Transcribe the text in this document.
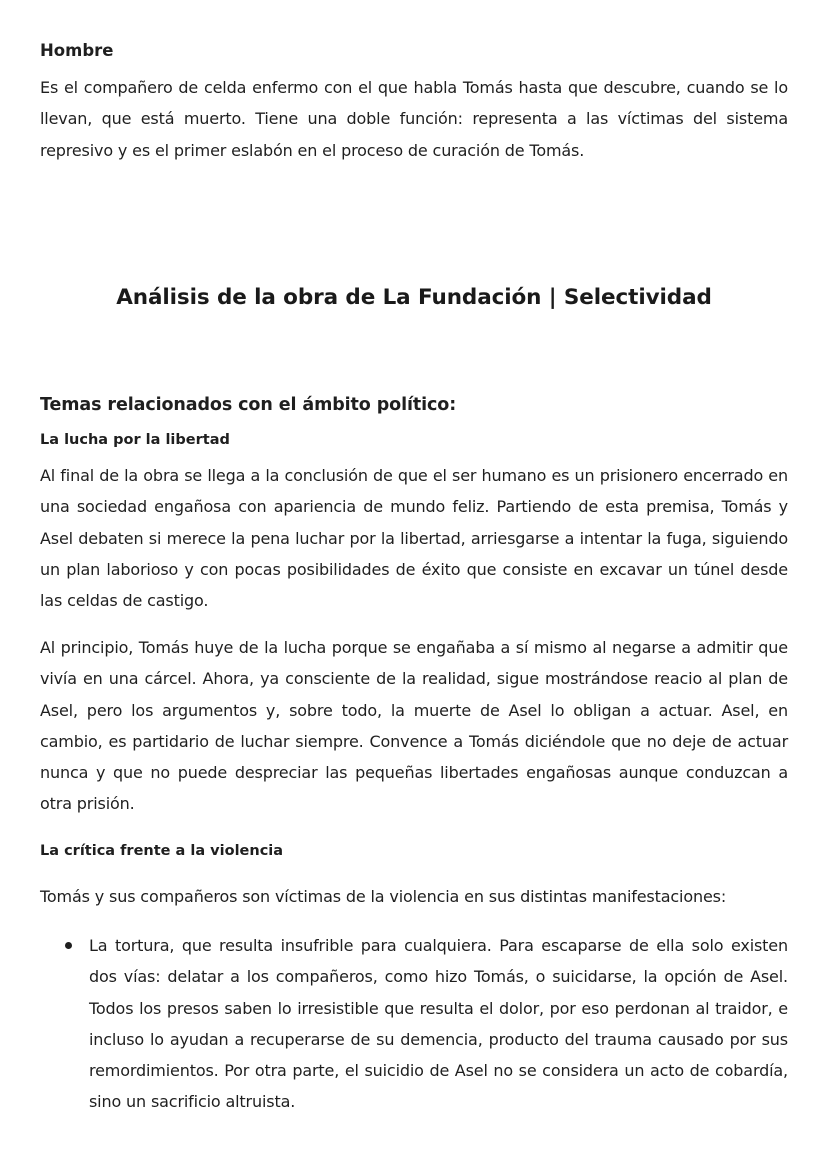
Hombre

Es el compañero de celda enfermo con el que habla Tomás hasta que descubre, cuando se lo llevan, que está muerto. Tiene una doble función: representa a las víctimas del sistema represivo y es el primer eslabón en el proceso de curación de Tomás.

Análisis de la obra de La Fundación | Selectividad
Temas relacionados con el ámbito político:
La lucha por la libertad

Al final de la obra se llega a la conclusión de que el ser humano es un prisionero encerrado en una sociedad engañosa con apariencia de mundo feliz. Partiendo de esta premisa, Tomás y Asel debaten si merece la pena luchar por la libertad, arriesgarse a intentar la fuga, siguiendo un plan laborioso y con pocas posibilidades de éxito que consiste en excavar un túnel desde las celdas de castigo.

Al principio, Tomás huye de la lucha porque se engañaba a sí mismo al negarse a admitir que vivía en una cárcel. Ahora, ya consciente de la realidad, sigue mostrándose reacio al plan de Asel, pero los argumentos y, sobre todo, la muerte de Asel lo obligan a actuar. Asel, en cambio, es partidario de luchar siempre. Convence a Tomás diciéndole que no deje de actuar nunca y que no puede despreciar las pequeñas libertades engañosas aunque conduzcan a otra prisión.

La crítica frente a la violencia

Tomás y sus compañeros son víctimas de la violencia en sus distintas manifestaciones:

La tortura, que resulta insufrible para cualquiera. Para escaparse de ella solo existen dos vías: delatar a los compañeros, como hizo Tomás, o suicidarse, la opción de Asel. Todos los presos saben lo irresistible que resulta el dolor, por eso perdonan al traidor, e incluso lo ayudan a recuperarse de su demencia, producto del trauma causado por sus remordimientos. Por otra parte, el suicidio de Asel no se considera un acto de cobardía, sino un sacrificio altruista.
